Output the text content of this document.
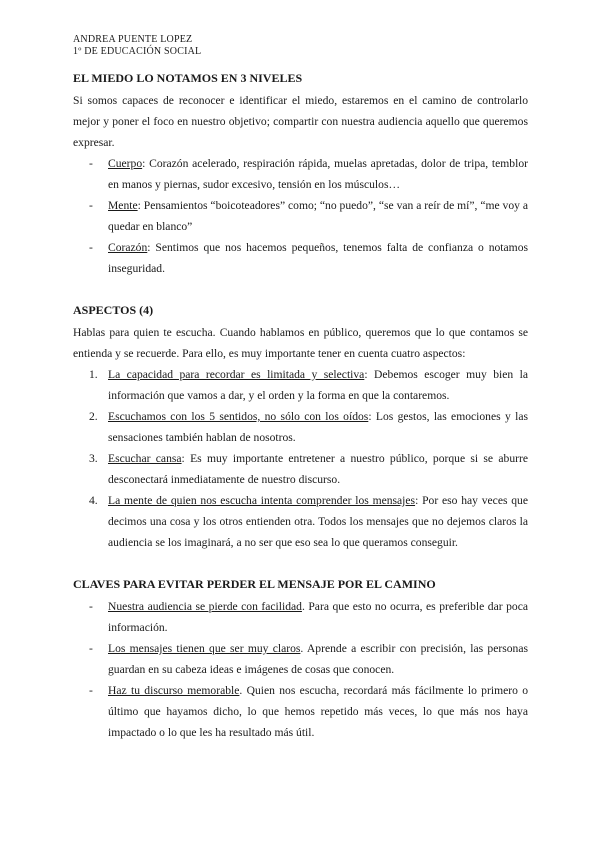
ANDREA PUENTE LOPEZ
1º DE EDUCACIÓN SOCIAL
EL MIEDO LO NOTAMOS EN 3 NIVELES

Si somos capaces de reconocer e identificar el miedo, estaremos en el camino de controlarlo mejor y poner el foco en nuestro objetivo; compartir con nuestra audiencia aquello que queremos expresar.

- Cuerpo: Corazón acelerado, respiración rápida, muelas apretadas, dolor de tripa, temblor en manos y piernas, sudor excesivo, tensión en los músculos…
- Mente: Pensamientos “boicoteadores” como; “no puedo”, “se van a reír de mí”, “me voy a quedar en blanco”
- Corazón: Sentimos que nos hacemos pequeños, tenemos falta de confianza o notamos inseguridad.
ASPECTOS (4)

Hablas para quien te escucha. Cuando hablamos en público, queremos que lo que contamos se entienda y se recuerde. Para ello, es muy importante tener en cuenta cuatro aspectos:

1. La capacidad para recordar es limitada y selectiva: Debemos escoger muy bien la información que vamos a dar, y el orden y la forma en que la contaremos.
2. Escuchamos con los 5 sentidos, no sólo con los oídos: Los gestos, las emociones y las sensaciones también hablan de nosotros.
3. Escuchar cansa: Es muy importante entretener a nuestro público, porque si se aburre desconectará inmediatamente de nuestro discurso.
4. La mente de quien nos escucha intenta comprender los mensajes: Por eso hay veces que decimos una cosa y los otros entienden otra. Todos los mensajes que no dejemos claros la audiencia se los imaginará, a no ser que eso sea lo que queramos conseguir.
CLAVES PARA EVITAR PERDER EL MENSAJE POR EL CAMINO
- Nuestra audiencia se pierde con facilidad. Para que esto no ocurra, es preferible dar poca información.
- Los mensajes tienen que ser muy claros. Aprende a escribir con precisión, las personas guardan en su cabeza ideas e imágenes de cosas que conocen.
- Haz tu discurso memorable. Quien nos escucha, recordará más fácilmente lo primero o último que hayamos dicho, lo que hemos repetido más veces, lo que más nos haya impactado o lo que les ha resultado más útil.
